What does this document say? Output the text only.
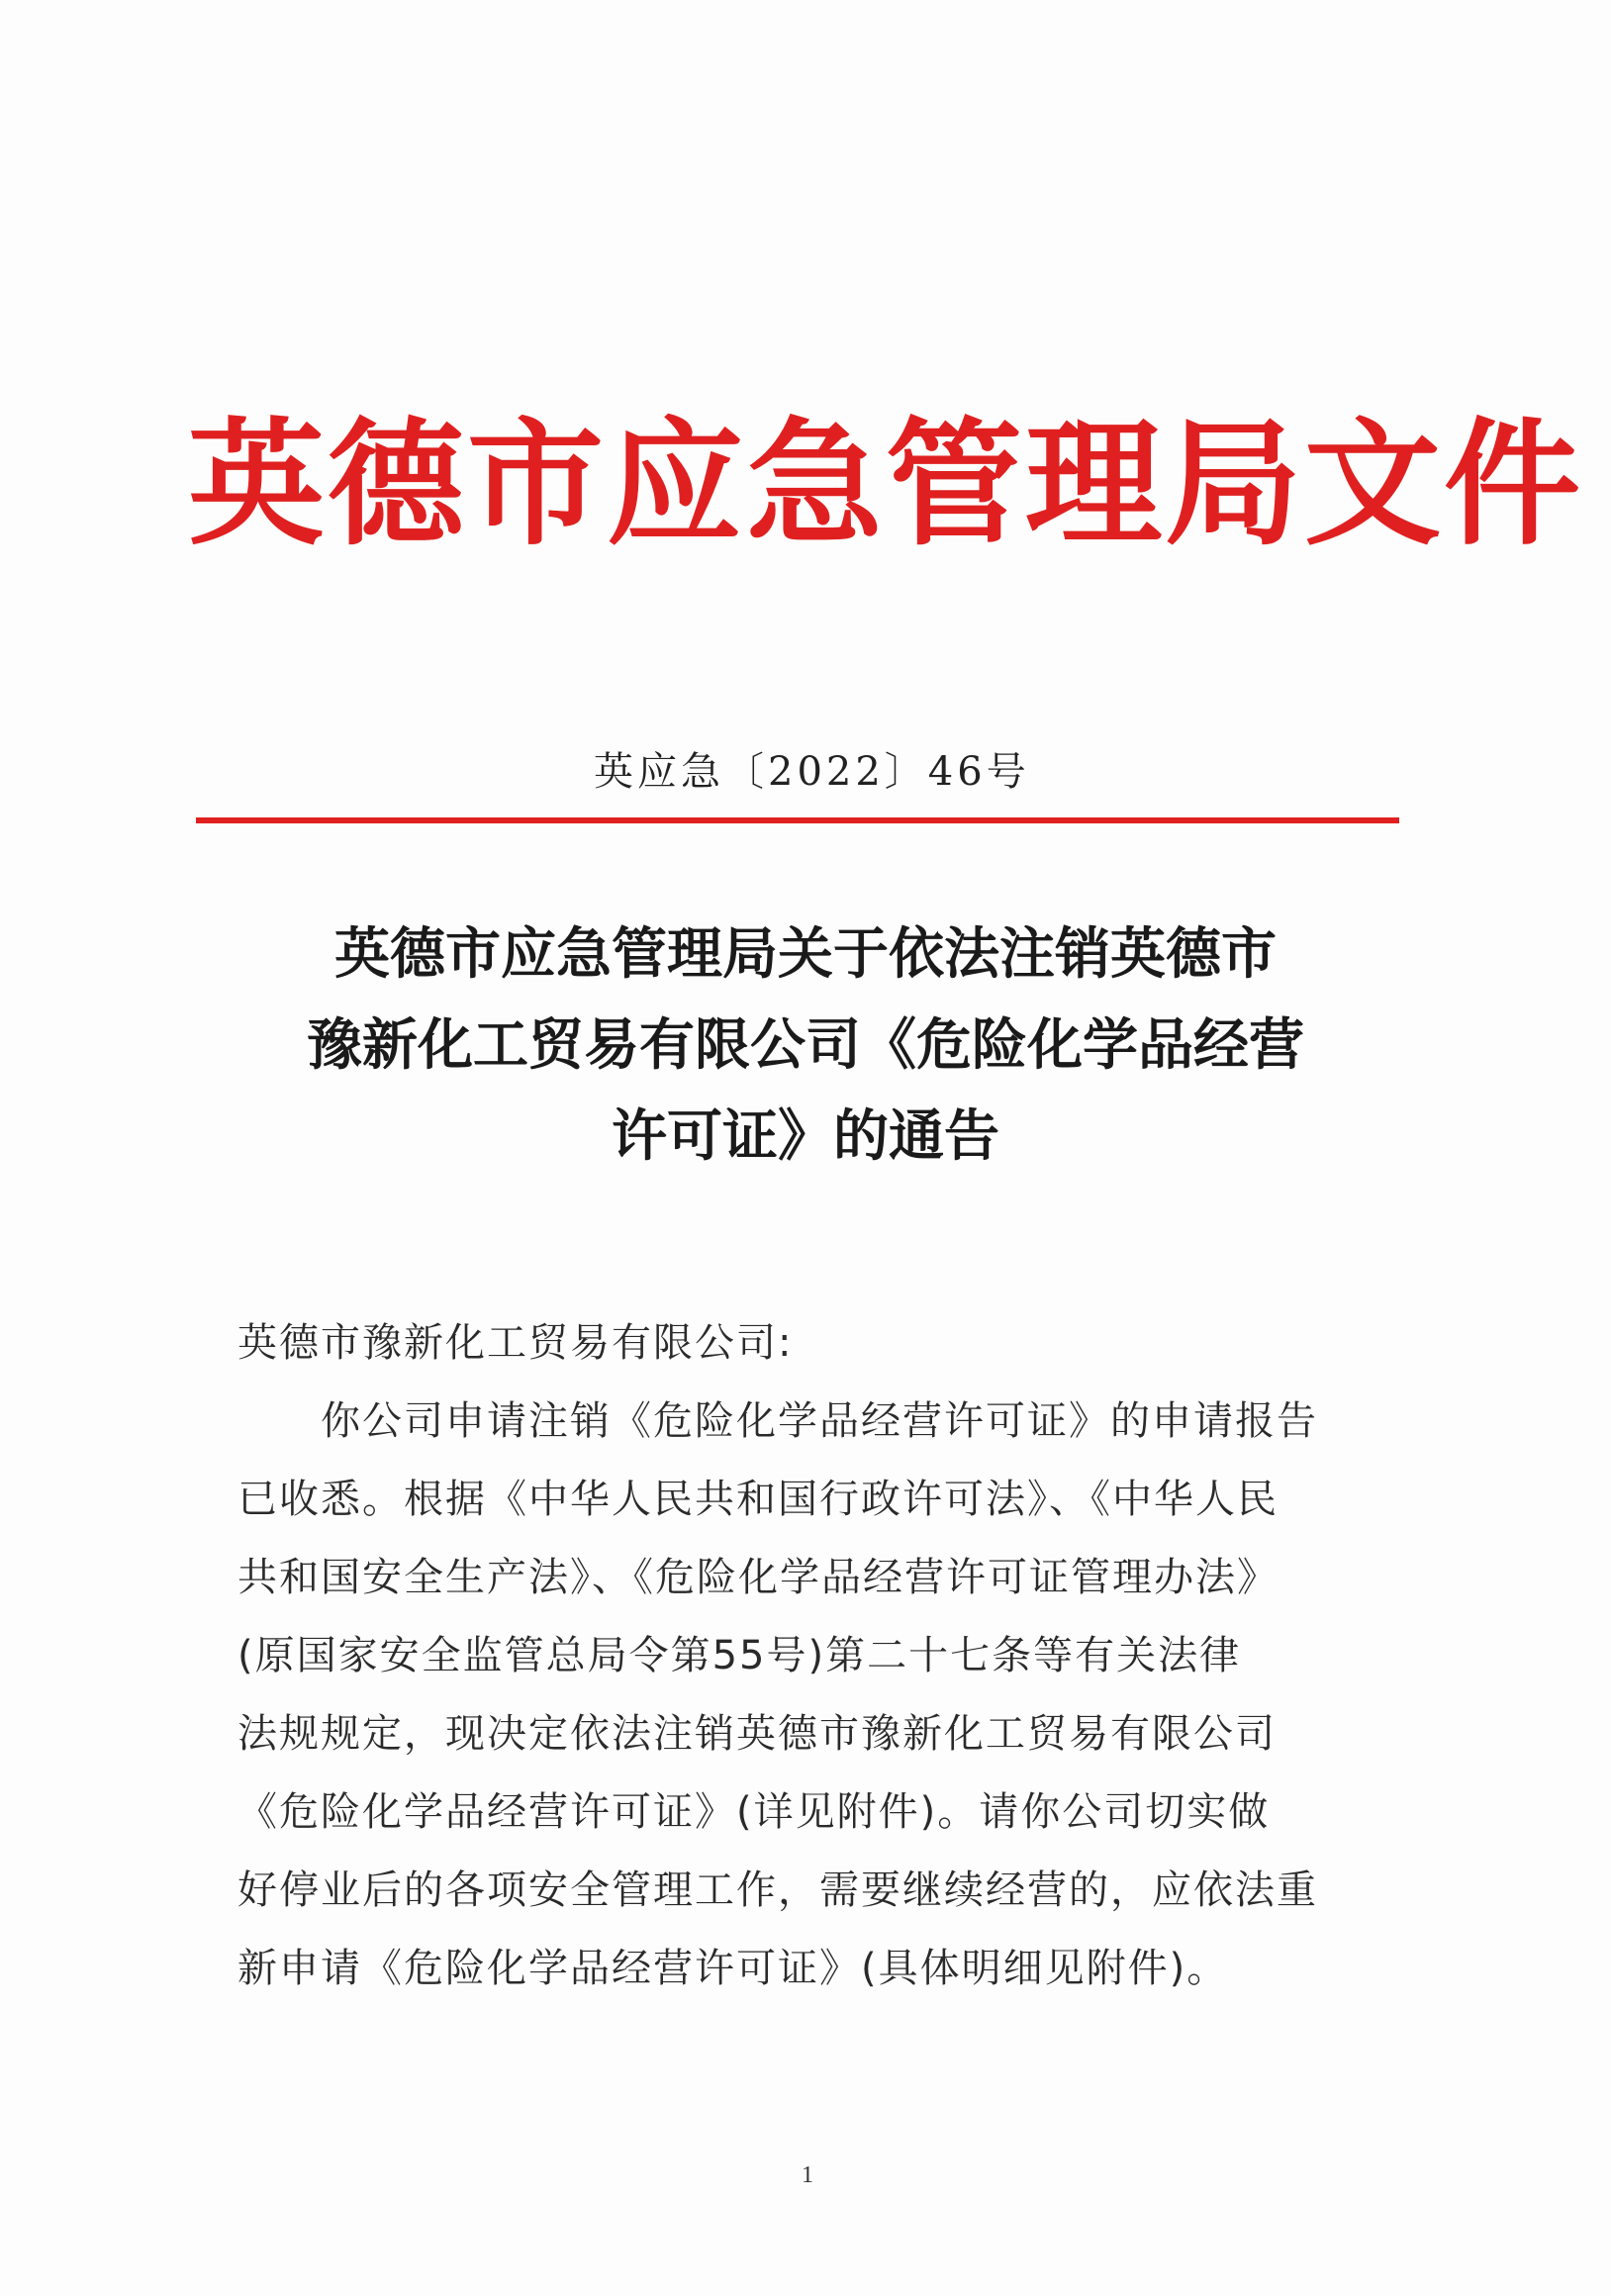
英德市应急管理局文件
英应急〔2022〕46号
英德市应急管理局关于依法注销英德市
豫新化工贸易有限公司《危险化学品经营
许可证》的通告
英德市豫新化工贸易有限公司:
你公司申请注销《危险化学品经营许可证》的申请报告
已收悉。根据《中华人民共和国行政许可法》、《中华人民
共和国安全生产法》、《危险化学品经营许可证管理办法》
(原国家安全监管总局令第55号)第二十七条等有关法律
法规规定，现决定依法注销英德市豫新化工贸易有限公司
《危险化学品经营许可证》(详见附件)。请你公司切实做
好停业后的各项安全管理工作，需要继续经营的，应依法重
新申请《危险化学品经营许可证》(具体明细见附件)。
1
